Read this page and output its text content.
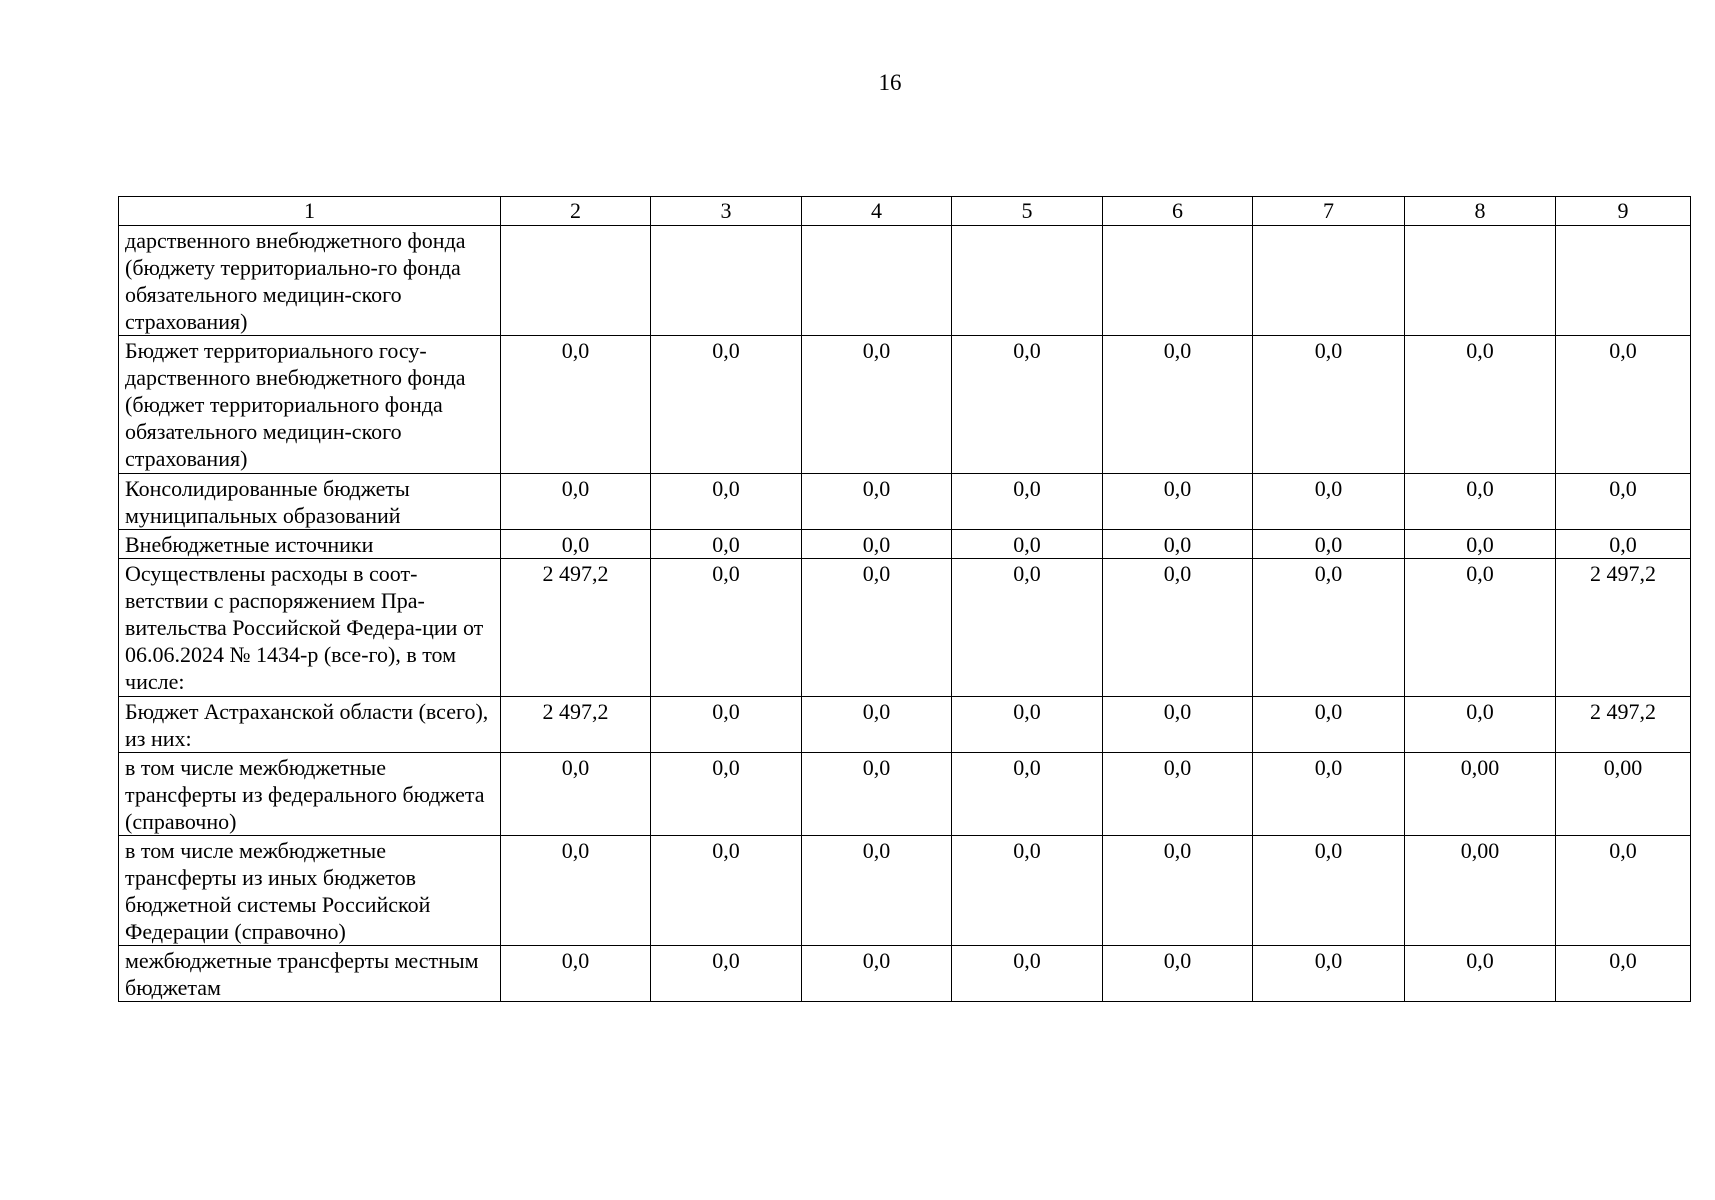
16
1	2	3	4	5	6	7	8	9
дарственного внебюджетного фонда (бюджету территориально-го фонда обязательного медицин-ского страхования)								
Бюджет территориального госу-дарственного внебюджетного фонда (бюджет территориального фонда обязательного медицин-ского страхования)	0,0	0,0	0,0	0,0	0,0	0,0	0,0	0,0
Консолидированные бюджеты муниципальных образований	0,0	0,0	0,0	0,0	0,0	0,0	0,0	0,0
Внебюджетные источники	0,0	0,0	0,0	0,0	0,0	0,0	0,0	0,0
Осуществлены расходы в соот-ветствии с распоряжением Пра-вительства Российской Федера-ции от 06.06.2024 № 1434-р (все-го), в том числе:	2 497,2	0,0	0,0	0,0	0,0	0,0	0,0	2 497,2
Бюджет Астраханской области (всего), из них:	2 497,2	0,0	0,0	0,0	0,0	0,0	0,0	2 497,2
в том числе межбюджетные трансферты из федерального бюджета (справочно)	0,0	0,0	0,0	0,0	0,0	0,0	0,00	0,00
в том числе межбюджетные трансферты из иных бюджетов бюджетной системы Российской Федерации (справочно)	0,0	0,0	0,0	0,0	0,0	0,0	0,00	0,0
межбюджетные трансферты местным бюджетам	0,0	0,0	0,0	0,0	0,0	0,0	0,0	0,0
